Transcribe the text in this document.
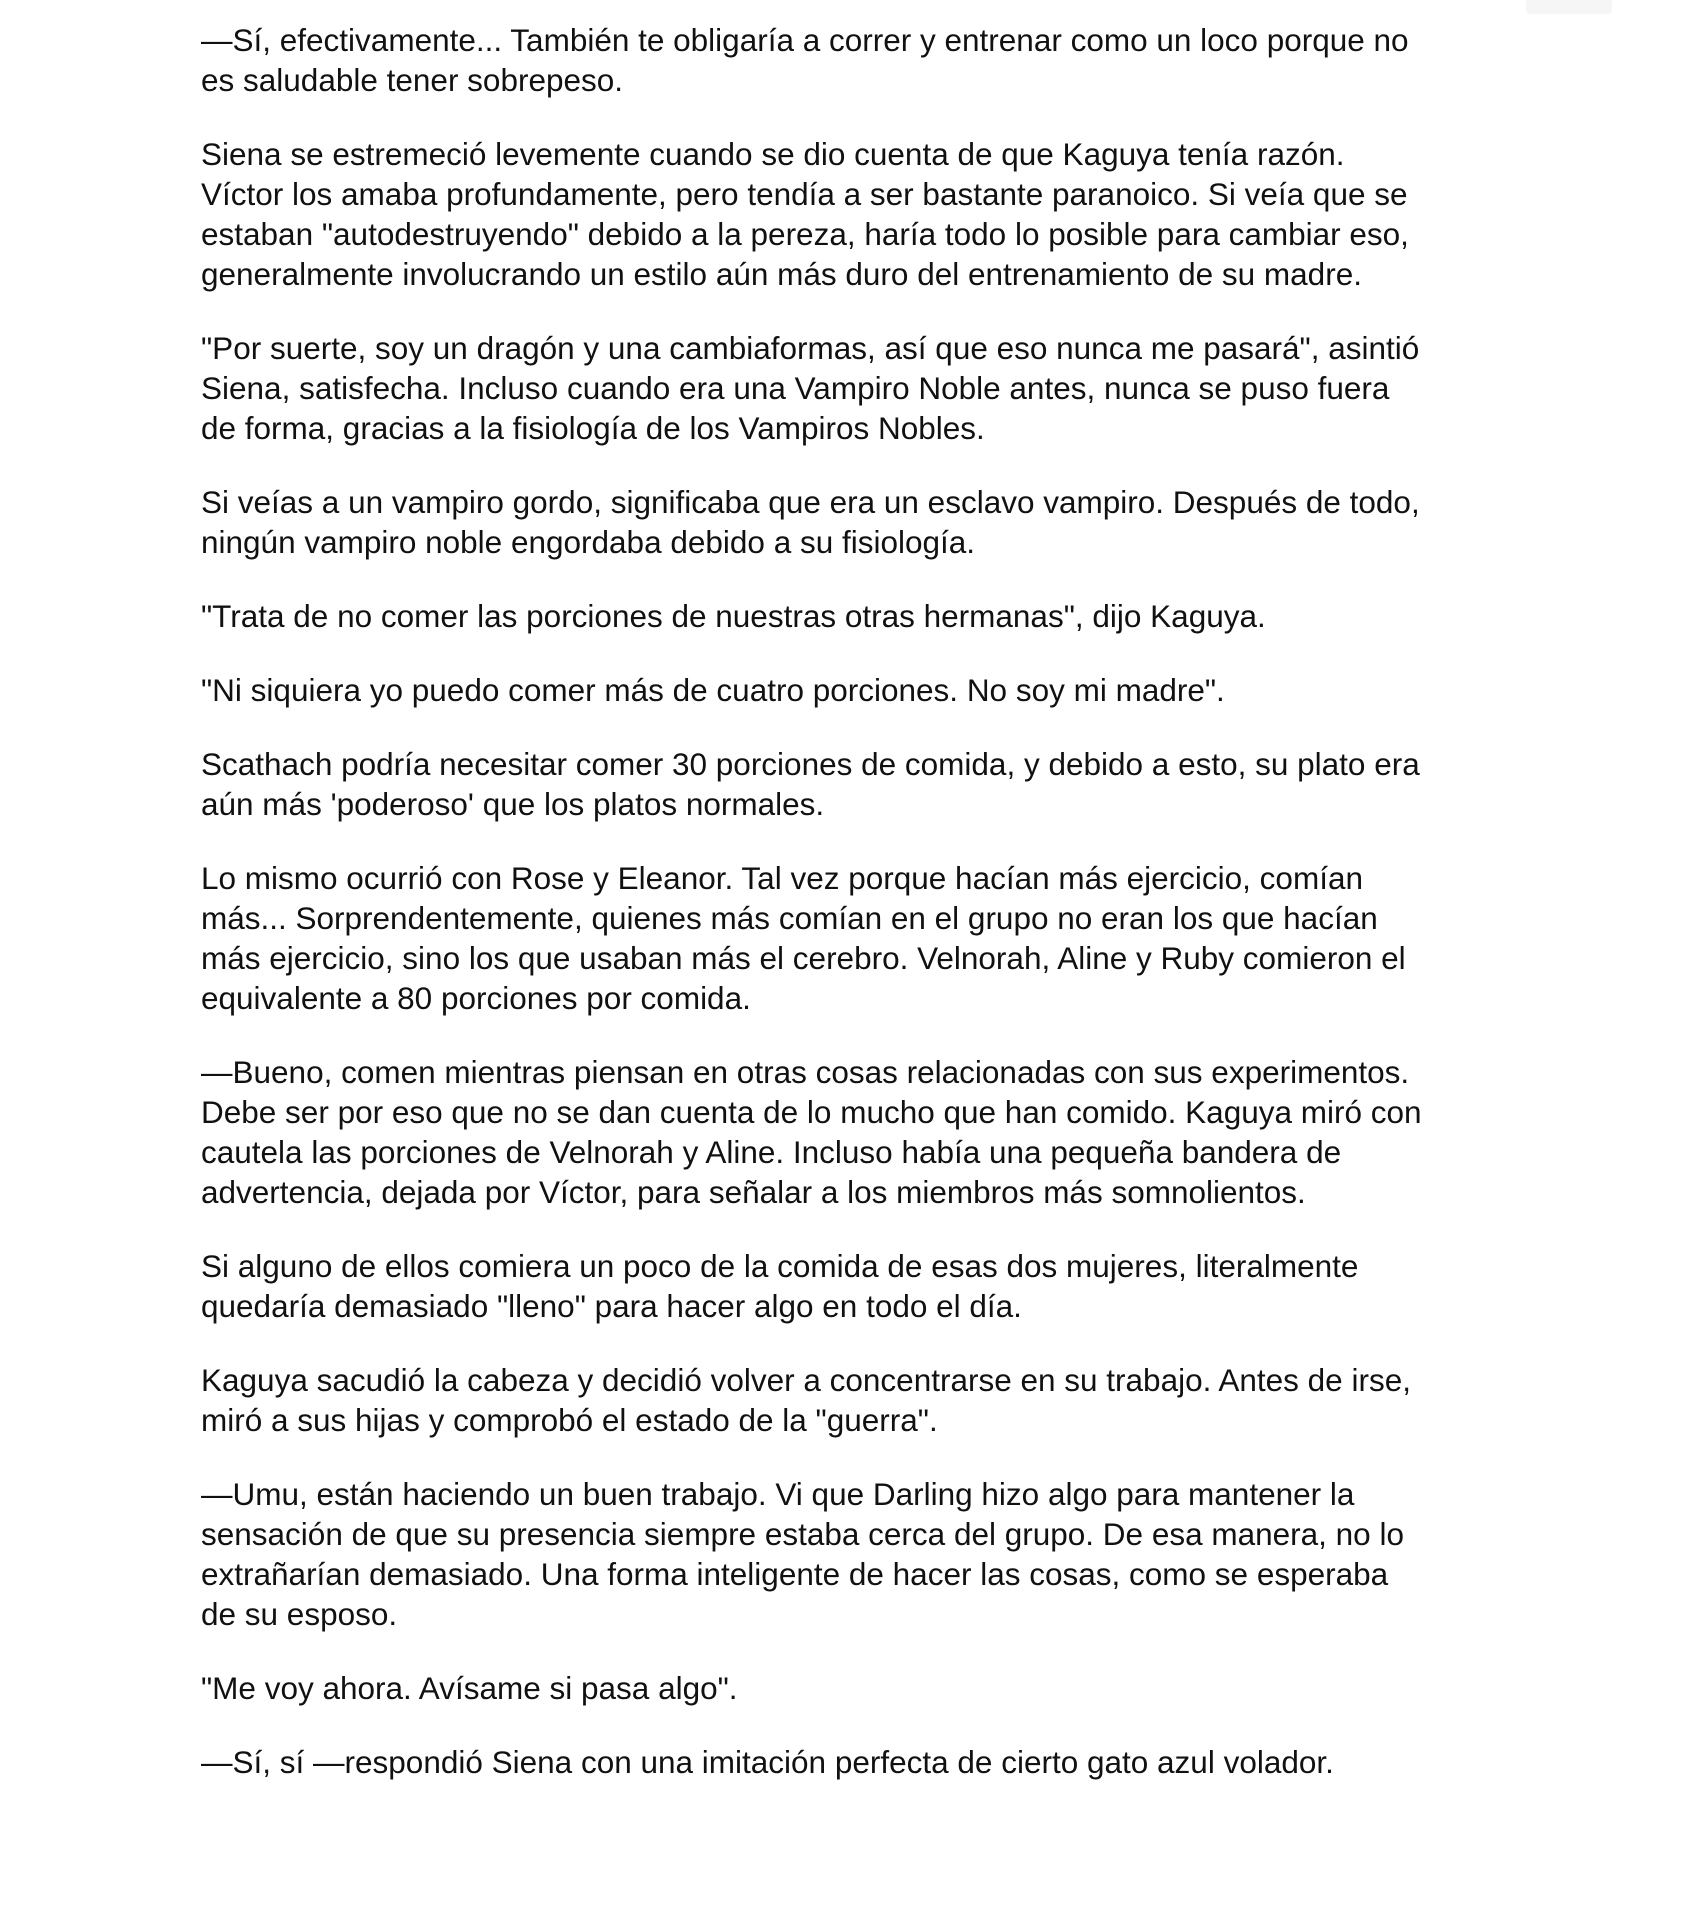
—Sí, efectivamente... También te obligaría a correr y entrenar como un loco porque no
es saludable tener sobrepeso.

Siena se estremeció levemente cuando se dio cuenta de que Kaguya tenía razón.
Víctor los amaba profundamente, pero tendía a ser bastante paranoico. Si veía que se
estaban "autodestruyendo" debido a la pereza, haría todo lo posible para cambiar eso,
generalmente involucrando un estilo aún más duro del entrenamiento de su madre.

"Por suerte, soy un dragón y una cambiaformas, así que eso nunca me pasará", asintió
Siena, satisfecha. Incluso cuando era una Vampiro Noble antes, nunca se puso fuera
de forma, gracias a la fisiología de los Vampiros Nobles.

Si veías a un vampiro gordo, significaba que era un esclavo vampiro. Después de todo,
ningún vampiro noble engordaba debido a su fisiología.

"Trata de no comer las porciones de nuestras otras hermanas", dijo Kaguya.

"Ni siquiera yo puedo comer más de cuatro porciones. No soy mi madre".

Scathach podría necesitar comer 30 porciones de comida, y debido a esto, su plato era
aún más 'poderoso' que los platos normales.

Lo mismo ocurrió con Rose y Eleanor. Tal vez porque hacían más ejercicio, comían
más... Sorprendentemente, quienes más comían en el grupo no eran los que hacían
más ejercicio, sino los que usaban más el cerebro. Velnorah, Aline y Ruby comieron el
equivalente a 80 porciones por comida.

—Bueno, comen mientras piensan en otras cosas relacionadas con sus experimentos.
Debe ser por eso que no se dan cuenta de lo mucho que han comido. Kaguya miró con
cautela las porciones de Velnorah y Aline. Incluso había una pequeña bandera de
advertencia, dejada por Víctor, para señalar a los miembros más somnolientos.

Si alguno de ellos comiera un poco de la comida de esas dos mujeres, literalmente
quedaría demasiado "lleno" para hacer algo en todo el día.

Kaguya sacudió la cabeza y decidió volver a concentrarse en su trabajo. Antes de irse,
miró a sus hijas y comprobó el estado de la "guerra".

—Umu, están haciendo un buen trabajo. Vi que Darling hizo algo para mantener la
sensación de que su presencia siempre estaba cerca del grupo. De esa manera, no lo
extrañarían demasiado. Una forma inteligente de hacer las cosas, como se esperaba
de su esposo.

"Me voy ahora. Avísame si pasa algo".

—Sí, sí —respondió Siena con una imitación perfecta de cierto gato azul volador.
